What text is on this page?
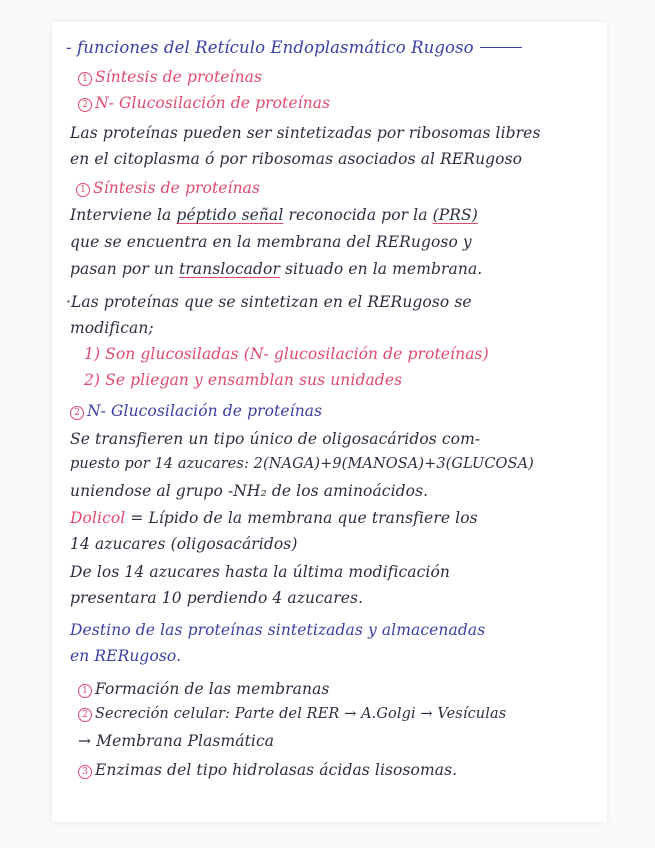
- funciones del Retículo Endoplasmático Rugoso
1 Síntesis de proteínas
2 N- Glucosilación de proteínas
Las proteínas pueden ser sintetizadas por ribosomas libres
en el citoplasma ó por ribosomas asociados al RERugoso
1 Síntesis de proteínas
Interviene la péptido señal reconocida por la (PRS)
que se encuentra en la membrana del RERugoso y
pasan por un translocador situado en la membrana.
·Las proteínas que se sintetizan en el RERugoso se
modifican;
1) Son glucosiladas (N- glucosilación de proteínas)
2) Se pliegan y ensamblan sus unidades
2 N- Glucosilación de proteínas
Se transfieren un tipo único de oligosacáridos com-
puesto por 14 azucares: 2(NAGA)+9(MANOSA)+3(GLUCOSA)
uniendose al grupo -NH₂ de los aminoácidos.
Dolicol = Lípido de la membrana que transfiere los
14 azucares (oligosacáridos)
De los 14 azucares hasta la última modificación
presentara 10 perdiendo 4 azucares.
Destino de las proteínas sintetizadas y almacenadas
en RERugoso.
1 Formación de las membranas
2 Secreción celular: Parte del RER → A.Golgi → Vesículas
→ Membrana Plasmática
3 Enzimas del tipo hidrolasas ácidas lisosomas.
